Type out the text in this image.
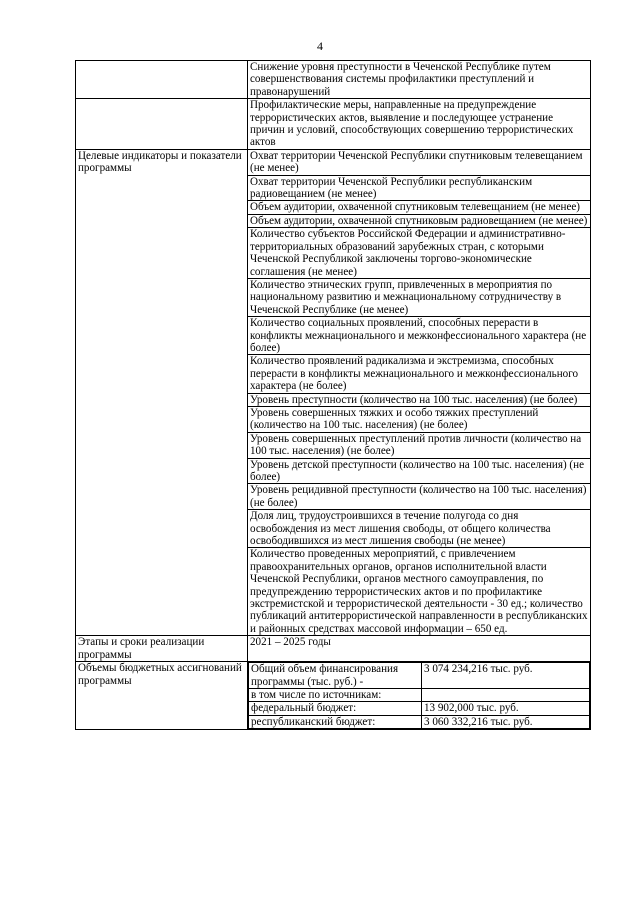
4
	Снижение уровня преступности в Чеченской Республике путем совершенствования системы профилактики преступлений и правонарушений
	Профилактические меры, направленные на предупреждение террористических актов, выявление и последующее устранение причин и условий, способствующих совершению террористических актов
Целевые индикаторы и показатели программы	Охват территории Чеченской Республики спутниковым телевещанием (не менее)
Охват территории Чеченской Республики республиканским радиовещанием (не менее)
Объем аудитории, охваченной спутниковым телевещанием (не менее)
Объем аудитории, охваченной спутниковым радиовещанием (не менее)
Количество субъектов Российской Федерации и административно-территориальных образований зарубежных стран, с которыми Чеченской Республикой заключены торгово-экономические соглашения (не менее)
Количество этнических групп, привлеченных в мероприятия по национальному развитию и межнациональному сотрудничеству в Чеченской Республике (не менее)
Количество социальных проявлений, способных перерасти в конфликты межнационального и межконфессионального характера (не более)
Количество проявлений радикализма и экстремизма, способных перерасти в конфликты межнационального и межконфессионального характера (не более)
Уровень преступности (количество на 100 тыс. населения) (не более)
Уровень совершенных тяжких и особо тяжких преступлений (количество на 100 тыс. населения) (не более)
Уровень совершенных преступлений против личности (количество на 100 тыс. населения) (не более)
Уровень детской преступности (количество на 100 тыс. населения) (не более)
Уровень рецидивной преступности (количество на 100 тыс. населения) (не более)
Доля лиц, трудоустроившихся в течение полугода со дня освобождения из мест лишения свободы, от общего количества освободившихся из мест лишения свободы (не менее)
Количество проведенных мероприятий, с привлечением правоохранительных органов, органов исполнительной власти Чеченской Республики, органов местного самоуправления, по предупреждению террористических актов и по профилактике экстремистской и террористической деятельности - 30 ед.; количество публикаций антитеррористической направленности в республиканских и районных средствах массовой информации – 650 ед.
Этапы и сроки реализации программы	2021 – 2025 годы
Объемы бюджетных ассигнований программы	
Общий объем финансирования программы (тыс. руб.) -	3 074 234,216 тыс. руб.
в том числе по источникам:	
федеральный бюджет:	13 902,000 тыс. руб.
республиканский бюджет:	3 060 332,216 тыс. руб.
